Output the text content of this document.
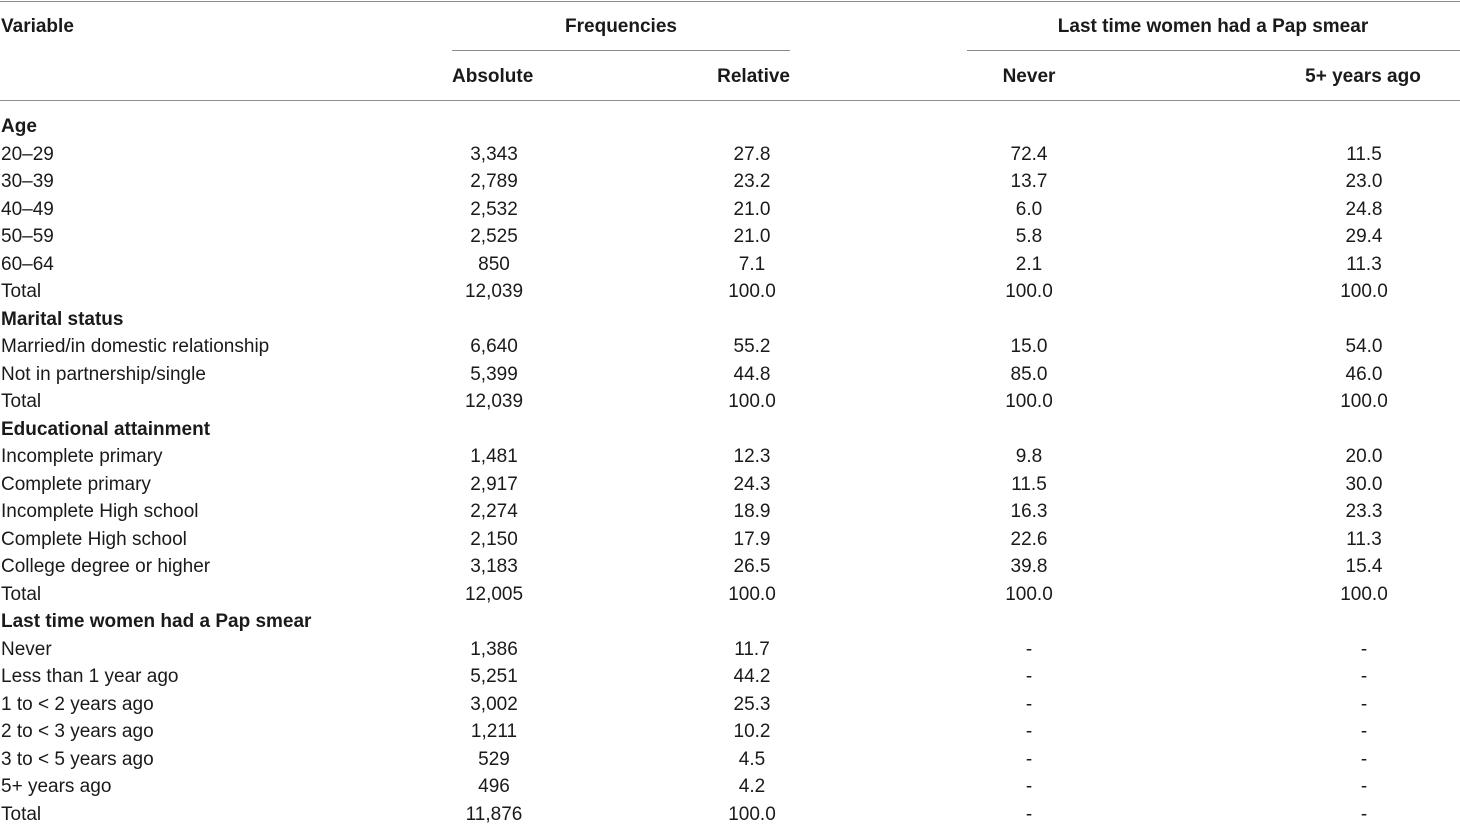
Variable	Frequencies	Last time women had a Pap smear
Absolute	Relative	Never	5+ years ago
Age
20–29	3,343	27.8	72.4	11.5
30–39	2,789	23.2	13.7	23.0
40–49	2,532	21.0	6.0	24.8
50–59	2,525	21.0	5.8	29.4
60–64	850	7.1	2.1	11.3
Total	12,039	100.0	100.0	100.0
Marital status
Married/in domestic relationship	6,640	55.2	15.0	54.0
Not in partnership/single	5,399	44.8	85.0	46.0
Total	12,039	100.0	100.0	100.0
Educational attainment
Incomplete primary	1,481	12.3	9.8	20.0
Complete primary	2,917	24.3	11.5	30.0
Incomplete High school	2,274	18.9	16.3	23.3
Complete High school	2,150	17.9	22.6	11.3
College degree or higher	3,183	26.5	39.8	15.4
Total	12,005	100.0	100.0	100.0
Last time women had a Pap smear
Never	1,386	11.7	-	-
Less than 1 year ago	5,251	44.2	-	-
1 to < 2 years ago	3,002	25.3	-	-
2 to < 3 years ago	1,211	10.2	-	-
3 to < 5 years ago	529	4.5	-	-
5+ years ago	496	4.2	-	-
Total	11,876	100.0	-	-
